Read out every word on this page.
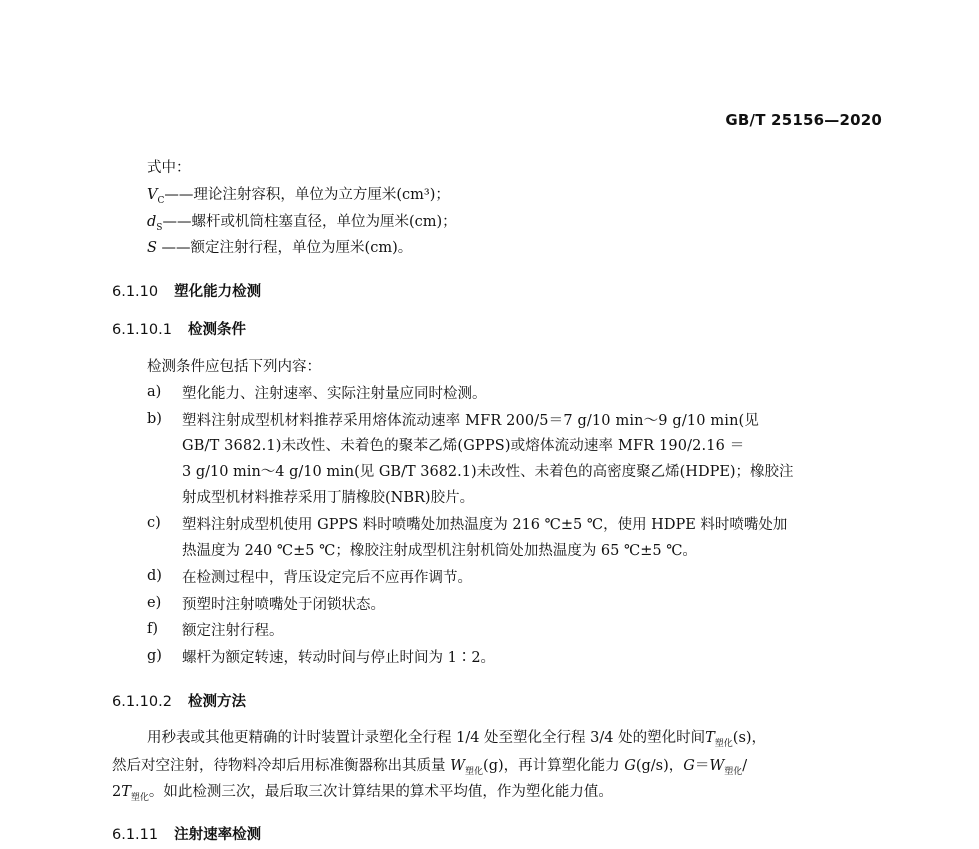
GB/T 25156—2020
式中：
$V_C——$理论注射容积，单位为立方厘米(cm³)；
$d_S——$螺杆或机筒柱塞直径，单位为厘米(cm)；
S ——额定注射行程，单位为厘米(cm)。
6.1.10 塑化能力检测
6.1.10.1 检测条件
检测条件应包括下列内容：
a) 塑化能力、注射速率、实际注射量应同时检测。
b) 塑料注射成型机材料推荐采用熔体流动速率 MFR 200/5＝7 g/10 min～9 g/10 min(见
GB/T 3682.1)未改性、未着色的聚苯乙烯(GPPS)或熔体流动速率 MFR 190/2.16 ＝
3 g/10 min～4 g/10 min(见 GB/T 3682.1)未改性、未着色的高密度聚乙烯(HDPE)；橡胶注
射成型机材料推荐采用丁腈橡胶(NBR)胶片。
c) 塑料注射成型机使用 GPPS 料时喷嘴处加热温度为 216 ℃±5 ℃，使用 HDPE 料时喷嘴处加
热温度为 240 ℃±5 ℃；橡胶注射成型机注射机筒处加热温度为 65 ℃±5 ℃。
d) 在检测过程中，背压设定完后不应再作调节。
e) 预塑时注射喷嘴处于闭锁状态。
f) 额定注射行程。
g) 螺杆为额定转速，转动时间与停止时间为 1∶2。
6.1.10.2 检测方法
用秒表或其他更精确的计时装置计录塑化全行程 1/4 处至塑化全行程 3/4 处的塑化时间$T_{塑化}(s)$，
然后对空注射，待物料冷却后用标准衡器称出其质量 $W_{塑化}(g)$，再计算塑化能力 G(g/s)，$G=W_{塑化}/$
$2T_{塑化}$。如此检测三次，最后取三次计算结果的算术平均值，作为塑化能力值。
6.1.11 注射速率检测
